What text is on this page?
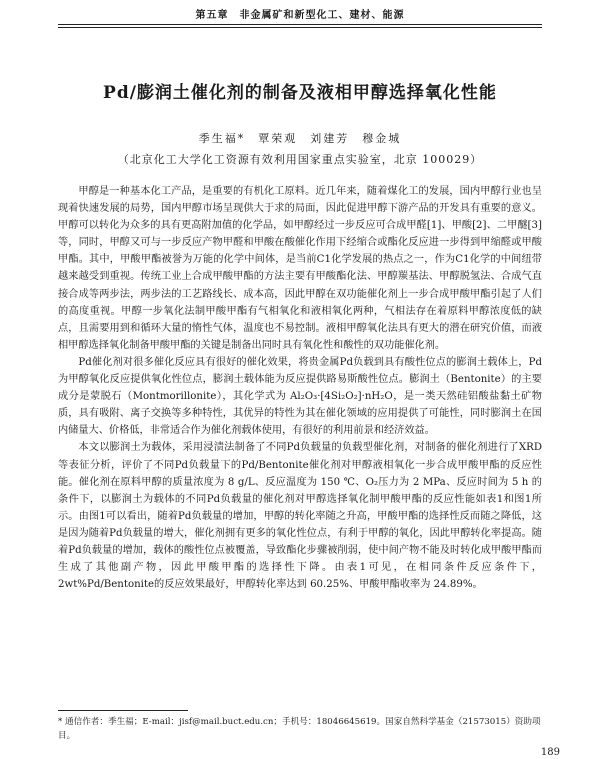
第五章　非金属矿和新型化工、建材、能源
Pd/膨润土催化剂的制备及液相甲醇选择氧化性能
季生福*　覃荣观　刘建芳　穆金城
（北京化工大学化工资源有效利用国家重点实验室，北京 100029）

甲醇是一种基本化工产品，是重要的有机化工原料。近几年来，随着煤化工的发展，国内甲醇行业也呈现着快速发展的局势，国内甲醇市场呈现供大于求的局面，因此促进甲醇下游产品的开发具有重要的意义。甲醇可以转化为众多的具有更高附加值的化学品，如甲醇经过一步反应可合成甲醛[1]、甲酸[2]、二甲醚[3]等，同时，甲醇又可与一步反应产物甲醛和甲酸在酸催化作用下经缩合或酯化反应进一步得到甲缩醛或甲酸甲酯。其中，甲酸甲酯被誉为万能的化学中间体，是当前C1化学发展的热点之一，作为C1化学的中间纽带越来越受到重视。传统工业上合成甲酸甲酯的方法主要有甲酸酯化法、甲醇羰基法、甲醇脱氢法、合成气直接合成等两步法，两步法的工艺路线长、成本高，因此甲醇在双功能催化剂上一步合成甲酸甲酯引起了人们的高度重视。甲醇一步氧化法制甲酸甲酯有气相氧化和液相氧化两种，气相法存在着原料甲醇浓度低的缺点，且需要用到和循环大量的惰性气体，温度也不易控制。液相甲醇氧化法具有更大的潜在研究价值，而液相甲醇选择氧化制备甲酸甲酯的关键是制备出同时具有氧化性和酸性的双功能催化剂。

Pd催化剂对很多催化反应具有很好的催化效果，将贵金属Pd负载到具有酸性位点的膨润土载体上，Pd为甲醇氧化反应提供氧化性位点，膨润土载体能为反应提供路易斯酸性位点。膨润土（Bentonite）的主要成分是蒙脱石（Montmorillonite），其化学式为 Al₂O₃·[4Si₂O₂]·nH₂O，是一类天然硅铝酸盐黏土矿物质，具有吸附、离子交换等多种特性，其优异的特性为其在催化领域的应用提供了可能性，同时膨润土在国内储量大、价格低，非常适合作为催化剂载体使用，有很好的利用前景和经济效益。

本文以膨润土为载体，采用浸渍法制备了不同Pd负载量的负载型催化剂，对制备的催化剂进行了XRD等表征分析，评价了不同Pd负载量下的Pd/Bentonite催化剂对甲醇液相氧化一步合成甲酸甲酯的反应性能。催化剂在原料甲醇的质量浓度为 8 g/L、反应温度为 150 ℃、O₂压力为 2 MPa、反应时间为 5 h 的条件下，以膨润土为载体的不同Pd负载量的催化剂对甲醇选择氧化制甲酸甲酯的反应性能如表1和图1所示。由图1可以看出，随着Pd负载量的增加，甲醇的转化率随之升高，甲酸甲酯的选择性反而随之降低，这是因为随着Pd负载量的增大，催化剂拥有更多的氧化性位点，有利于甲醇的氧化，因此甲醇转化率提高。随着Pd负载量的增加，载体的酸性位点被覆盖，导致酯化步骤被削弱，使中间产物不能及时转化成甲酸甲酯而生成了其他副产物，因此甲酸甲酯的选择性下降。由表1可见，在相同条件反应条件下，2wt%Pd/Bentonite的反应效果最好，甲醇转化率达到 60.25%、甲酸甲酯收率为 24.89%。

* 通信作者：季生福；E-mail：jisf@mail.buct.edu.cn；手机号：18046645619。国家自然科学基金（21573015）资助项目。
189
